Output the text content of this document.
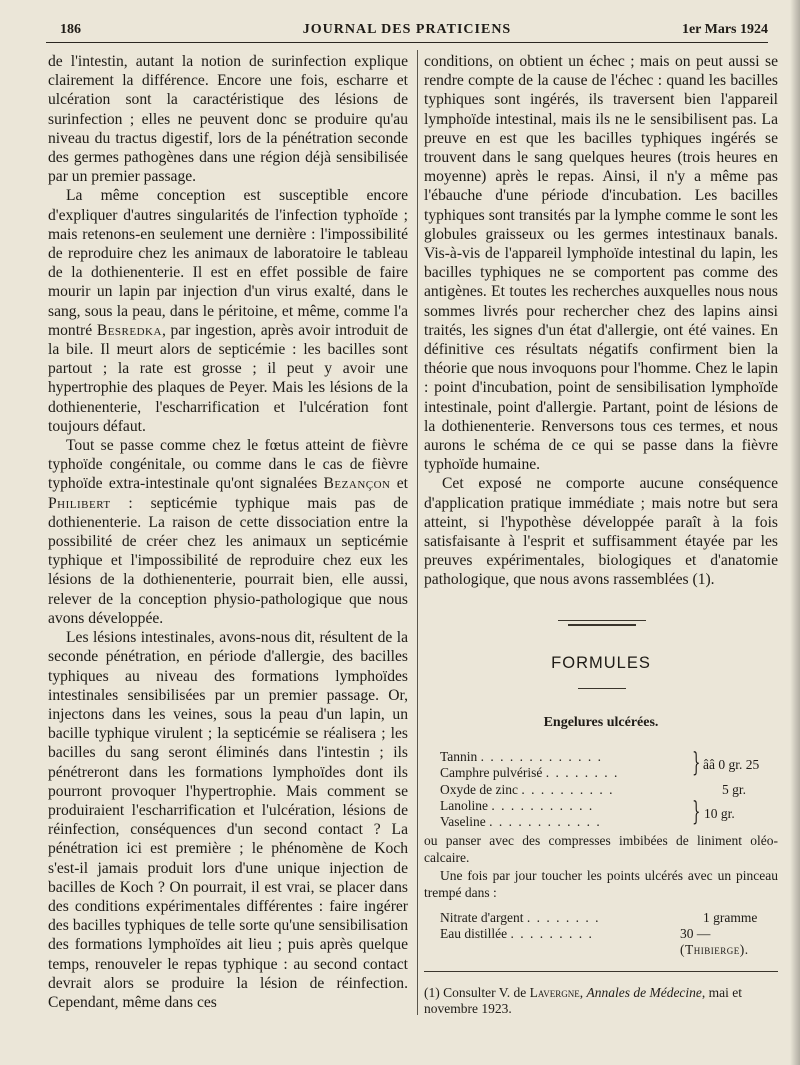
186	JOURNAL DES PRATICIENS	1er Mars 1924

de l'intestin, autant la notion de surinfection explique clairement la différence. Encore une fois, escharre et ulcération sont la caractéristique des lésions de surinfection ; elles ne peuvent donc se produire qu'au niveau du tractus digestif, lors de la pénétration seconde des germes pathogènes dans une région déjà sensibilisée par un premier passage.

La même conception est susceptible encore d'expliquer d'autres singularités de l'infection typhoïde ; mais retenons-en seulement une dernière : l'impossibilité de reproduire chez les animaux de laboratoire le tableau de la dothienenterie. Il est en effet possible de faire mourir un lapin par injection d'un virus exalté, dans le sang, sous la peau, dans le péritoine, et même, comme l'a montré Besredka, par ingestion, après avoir introduit de la bile. Il meurt alors de septicémie : les bacilles sont partout ; la rate est grosse ; il peut y avoir une hypertrophie des plaques de Peyer. Mais les lésions de la dothienenterie, l'escharrification et l'ulcération font toujours défaut.

Tout se passe comme chez le fœtus atteint de fièvre typhoïde congénitale, ou comme dans le cas de fièvre typhoïde extra-intestinale qu'ont signalées Bezançon et Philibert : septicémie typhique mais pas de dothienenterie. La raison de cette dissociation entre la possibilité de créer chez les animaux un septicémie typhique et l'impossibilité de reproduire chez eux les lésions de la dothienenterie, pourrait bien, elle aussi, relever de la conception physio-pathologique que nous avons développée.

Les lésions intestinales, avons-nous dit, résultent de la seconde pénétration, en période d'allergie, des bacilles typhiques au niveau des formations lymphoïdes intestinales sensibilisées par un premier passage. Or, injectons dans les veines, sous la peau d'un lapin, un bacille typhique virulent ; la septicémie se réalisera ; les bacilles du sang seront éliminés dans l'intestin ; ils pénétreront dans les formations lymphoïdes dont ils pourront provoquer l'hypertrophie. Mais comment se produiraient l'escharrification et l'ulcération, lésions de réinfection, conséquences d'un second contact ? La pénétration ici est première ; le phénomène de Koch s'est-il jamais produit lors d'une unique injection de bacilles de Koch ? On pourrait, il est vrai, se placer dans des conditions expérimentales différentes : faire ingérer des bacilles typhiques de telle sorte qu'une sensibilisation des formations lymphoïdes ait lieu ; puis après quelque temps, renouveler le repas typhique : au second contact devrait alors se produire la lésion de réinfection. Cependant, même dans ces

conditions, on obtient un échec ; mais on peut aussi se rendre compte de la cause de l'échec : quand les bacilles typhiques sont ingérés, ils traversent bien l'appareil lymphoïde intestinal, mais ils ne le sensibilisent pas. La preuve en est que les bacilles typhiques ingérés se trouvent dans le sang quelques heures (trois heures en moyenne) après le repas. Ainsi, il n'y a même pas l'ébauche d'une période d'incubation. Les bacilles typhiques sont transités par la lymphe comme le sont les globules graisseux ou les germes intestinaux banals. Vis-à-vis de l'appareil lymphoïde intestinal du lapin, les bacilles typhiques ne se comportent pas comme des antigènes. Et toutes les recherches auxquelles nous nous sommes livrés pour rechercher chez des lapins ainsi traités, les signes d'un état d'allergie, ont été vaines. En définitive ces résultats négatifs confirment bien la théorie que nous invoquons pour l'homme. Chez le lapin : point d'incubation, point de sensibilisation lymphoïde intestinale, point d'allergie. Partant, point de lésions de la dothienenterie. Renversons tous ces termes, et nous aurons le schéma de ce qui se passe dans la fièvre typhoïde humaine.

Cet exposé ne comporte aucune conséquence d'application pratique immédiate ; mais notre but sera atteint, si l'hypothèse développée paraît à la fois satisfaisante à l'esprit et suffisamment étayée par les preuves expérimentales, biologiques et d'anatomie pathologique, que nous avons rassemblées (1).

FORMULES
Engelures ulcérées.
Tannin . . . . . . . . . . . . .
Camphre pulvérisé . . . . . . . .	} ââ 0 gr. 25
Oxyde de zinc . . . . . . . . . .	5 gr.
Lanoline . . . . . . . . . . .
Vaseline . . . . . . . . . . . .	} 10 gr.
ou panser avec des compresses imbibées de liniment oléo-calcaire.
Une fois par jour toucher les points ulcérés avec un pinceau trempé dans :
Nitrate d'argent . . . . . . . .	1 gramme
Eau distillée . . . . . . . . .	30 —
(Thibierge).
(1) Consulter V. de Lavergne, Annales de Médecine, mai et novembre 1923.
